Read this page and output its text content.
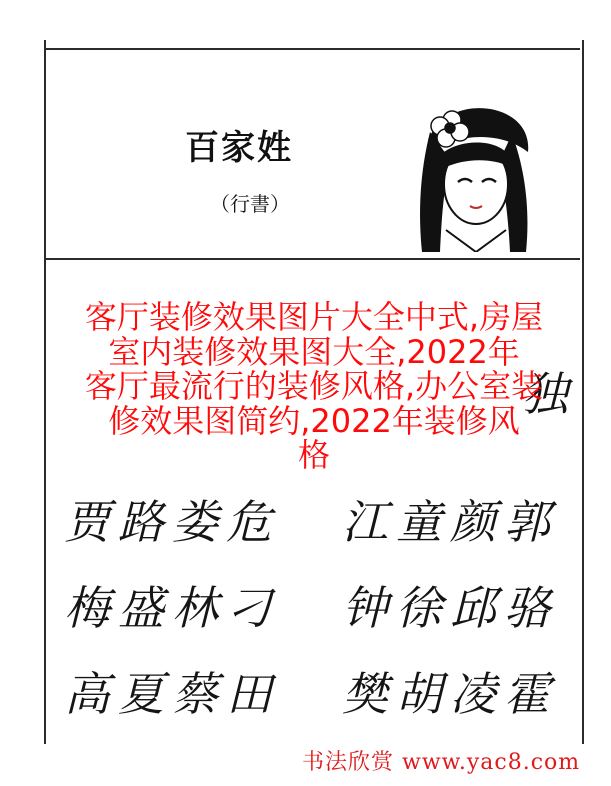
百家姓
（行書）
独
贾路娄危 江童颜郭
梅盛林刁 钟徐邱骆
高夏蔡田 樊胡凌霍
客厅装修效果图片大全中式,房屋
室内装修效果图大全,2022年
客厅最流行的装修风格,办公室装
修效果图简约,2022年装修风
格
书法欣赏 www.yac8.com
